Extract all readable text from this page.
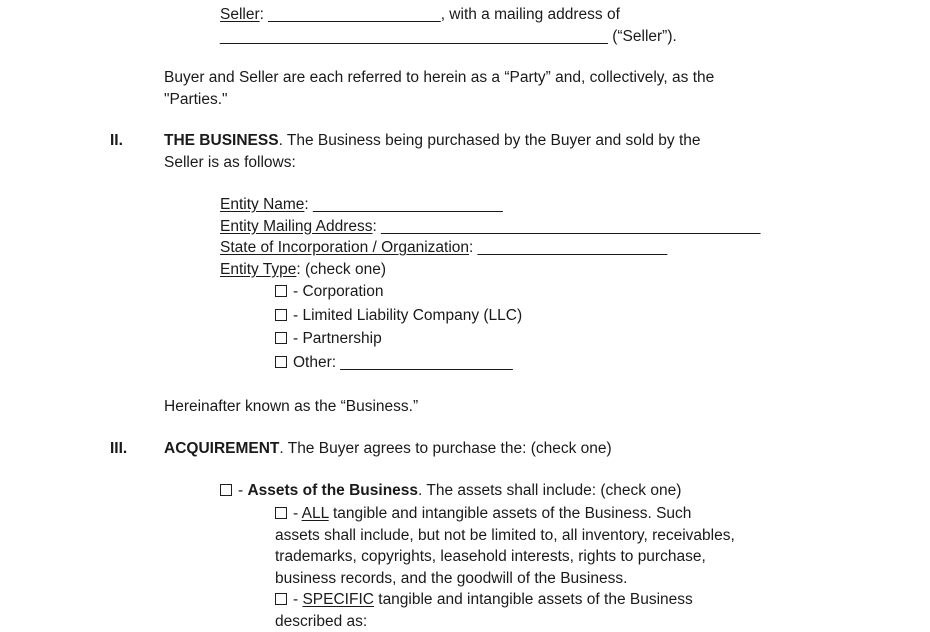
Seller: ____________________, with a mailing address of
_____________________________________________ (“Seller”).
Buyer and Seller are each referred to herein as a “Party” and, collectively, as the
"Parties."
II.	THE BUSINESS. The Business being purchased by the Buyer and sold by the
Seller is as follows:
Entity Name: ______________________
Entity Mailing Address: ____________________________________________
State of Incorporation / Organization: ______________________
Entity Type: (check one)
- Corporation
- Limited Liability Company (LLC)
- Partnership
Other: ____________________
Hereinafter known as the “Business.”
III.	ACQUIREMENT. The Buyer agrees to purchase the: (check one)
- Assets of the Business. The assets shall include: (check one)
- ALL tangible and intangible assets of the Business. Such
assets shall include, but not be limited to, all inventory, receivables,
trademarks, copyrights, leasehold interests, rights to purchase,
business records, and the goodwill of the Business.
- SPECIFIC tangible and intangible assets of the Business
described as:
